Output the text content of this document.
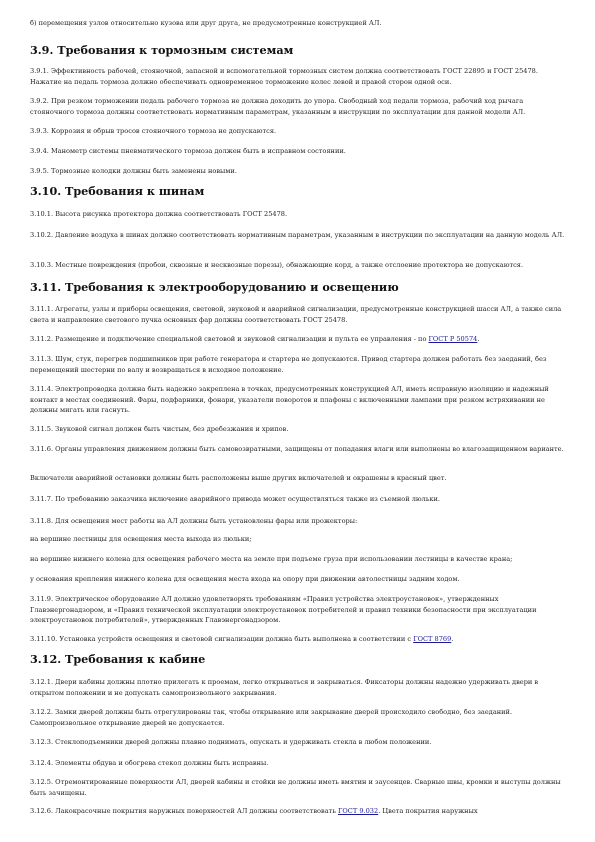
б) перемещения узлов относительно кузова или друг друга, не предусмотренные конструкцией АЛ.

3.9. Требования к тормозным системам

3.9.1. Эффективность рабочей, стояночной, запасной и вспомогательной тормозных систем должна соответствовать ГОСТ 22895 и ГОСТ 25478. Нажатие на педаль тормоза должно обеспечивать одновременное торможение колес левой и правой сторон одной оси.

3.9.2. При резком торможении педаль рабочего тормоза не должна доходить до упора. Свободный ход педали тормоза, рабочий ход рычага стояночного тормоза должны соответствовать нормативным параметрам, указанным в инструкции по эксплуатации для данной модели АЛ.

3.9.3. Коррозия и обрыв тросов стояночного тормоза не допускаются.

3.9.4. Манометр системы пневматического тормоза должен быть в исправном состоянии.

3.9.5. Тормозные колодки должны быть заменены новыми.

3.10. Требования к шинам

3.10.1. Высота рисунка протектора должна соответствовать ГОСТ 25478.

3.10.2. Давление воздуха в шинах должно соответствовать нормативным параметрам, указанным в инструкции по эксплуатации на данную модель АЛ.

3.10.3. Местные повреждения (пробои, сквозные и несквозные порезы), обнажающие корд, а также отслоение протектора не допускаются.

3.11. Требования к электрооборудованию и освещению

3.11.1. Агрегаты, узлы и приборы освещения, световой, звуковой и аварийной сигнализации, предусмотренные конструкцией шасси АЛ, а также сила света и направление светового пучка основных фар должны соответствовать ГОСТ 25478.

3.11.2. Размещение и подключение специальной световой и звуковой сигнализации и пульта ее управления - по ГОСТ Р 50574.

3.11.3. Шум, стук, перегрев подшипников при работе генератора и стартера не допускаются. Привод стартера должен работать без заеданий, без перемещений шестерни по валу и возвращаться в исходное положение.

3.11.4. Электропроводка должна быть надежно закреплена в точках, предусмотренных конструкцией АЛ, иметь исправную изоляцию и надежный контакт в местах соединений. Фары, подфарники, фонари, указатели поворотов и плафоны с включенными лампами при резком встряхивании не должны мигать или гаснуть.

3.11.5. Звуковой сигнал должен быть чистым, без дребезжания и хрипов.

3.11.6. Органы управления движением должны быть самовозвратными, защищены от попадания влаги или выполнены во влагозащищенном варианте.

Включатели аварийной остановки должны быть расположены выше других включателей и окрашены в красный цвет.

3.11.7. По требованию заказчика включение аварийного привода может осуществляться также из съемной люльки.

3.11.8. Для освещения мест работы на АЛ должны быть установлены фары или прожекторы:

на вершине лестницы для освещения места выхода из люльки;

на вершине нижнего колена для освещения рабочего места на земле при подъеме груза при использовании лестницы в качестве крана;

у основания крепления нижнего колена для освещения места входа на опору при движении автолестницы задним ходом.

3.11.9. Электрическое оборудование АЛ должно удовлетворять требованиям «Правил устройства электроустановок», утвержденных Главэнергонадзором, и «Правил технической эксплуатации электроустановок потребителей и правил техники безопасности при эксплуатации электроустановок потребителей», утвержденных Главэнергонадзором.

3.11.10. Установка устройств освещения и световой сигнализации должна быть выполнена в соответствии с ГОСТ 8769.

3.12. Требования к кабине

3.12.1. Двери кабины должны плотно прилегать к проемам, легко открываться и закрываться. Фиксаторы должны надежно удерживать двери в открытом положении и не допускать самопроизвольного закрывания.

3.12.2. Замки дверей должны быть отрегулированы так, чтобы открывание или закрывание дверей происходило свободно, без заеданий. Самопроизвольное открывание дверей не допускается.

3.12.3. Стеклоподъемники дверей должны плавно поднимать, опускать и удерживать стекла в любом положении.

3.12.4. Элементы обдува и обогрева стекол должны быть исправны.

3.12.5. Отремонтированные поверхности АЛ, дверей кабины и стойки не должны иметь вмятин и заусенцев. Сварные швы, кромки и выступы должны быть зачищены.

3.12.6. Лакокрасочные покрытия наружных поверхностей АЛ должны соответствовать ГОСТ 9.032. Цвета покрытия наружных
